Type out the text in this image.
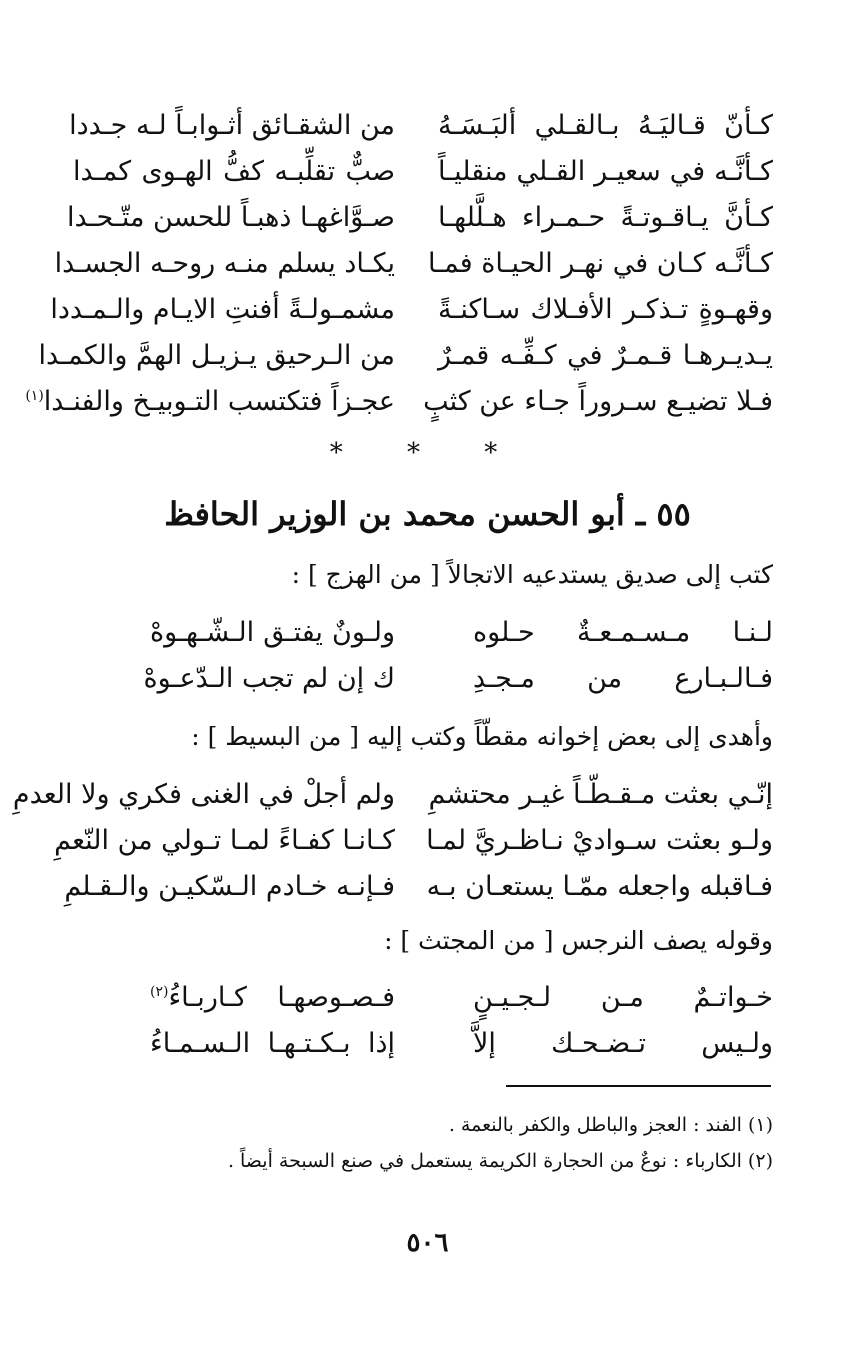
كـأنّ قـاليَـهُ بـالقـلي ألبَـسَـهُ
من الشقـائق أثـوابـاً لـه جـددا
كـأنَّـه في سعيـر القـلي منقليـاً
صبٌّ تقلِّبـه كفُّ الهـوى كمـدا
كـأنَّ يـاقـوتـةً حـمـراء هـلَّلهـا
صـوَّاغهـا ذهبـاً للحسن متّـحـدا
كـأنَّـه كـان في نهـر الحيـاة فمـا
يكـاد يسلم منـه روحـه الجسـدا
وقهـوةٍ تـذكـر الأفـلاك سـاكنـةً
مشمـولـةً أفنتِ الايـام والـمـددا
يـديـرهـا قـمـرٌ في كـفِّـه قمـرٌ
من الـرحيق يـزيـل الهمَّ والكمـدا
فـلا تضيـع سـروراً جـاء عن كثبٍ
عجـزاً فتكتسب التـوبيـخ والفنـدا$^{(١)}$
* * *
٥٥ ـ أبو الحسن محمد بن الوزير الحافظ
كتب إلى صديق يستدعيه الاتجالاً [ من الهزج ] :
لـنـا مـسـمـعـةٌ حـلوه
ولـونٌ يفتـق الـشّـهـوهْ
فـالـبـارع من مـجـدِ
ك إن لم تجب الـدّعـوهْ
وأهدى إلى بعض إخوانه مقطّاً وكتب إليه [ من البسيط ] :
إنّـي بعثت مـقـطّـاً غيـر محتشمِ
ولم أجلْ في الغنى فكري ولا العدمِ
ولـو بعثت سـواديْ نـاظـريَّ لمـا
كـانـا كفـاءً لمـا تـولي من النّعمِ
فـاقبله واجعله ممّـا يستعـان بـه
فـإنـه خـادم الـسّكيـن والـقـلمِ
وقوله يصف النرجس [ من المجتث ] :
خـواتـمٌ مـن لـجـيـنٍ
فـصـوصهـا كـاربـاءُ$^{(٢)}$
ولـيس تـضـحـك إلاَّ
إذا بـكـتـهـا الـسـمـاءُ
(١) الفند : العجز والباطل والكفر بالنعمة .
(٢) الكارباء : نوعٌ من الحجارة الكريمة يستعمل في صنع السبحة أيضاً .
٥٠٦
